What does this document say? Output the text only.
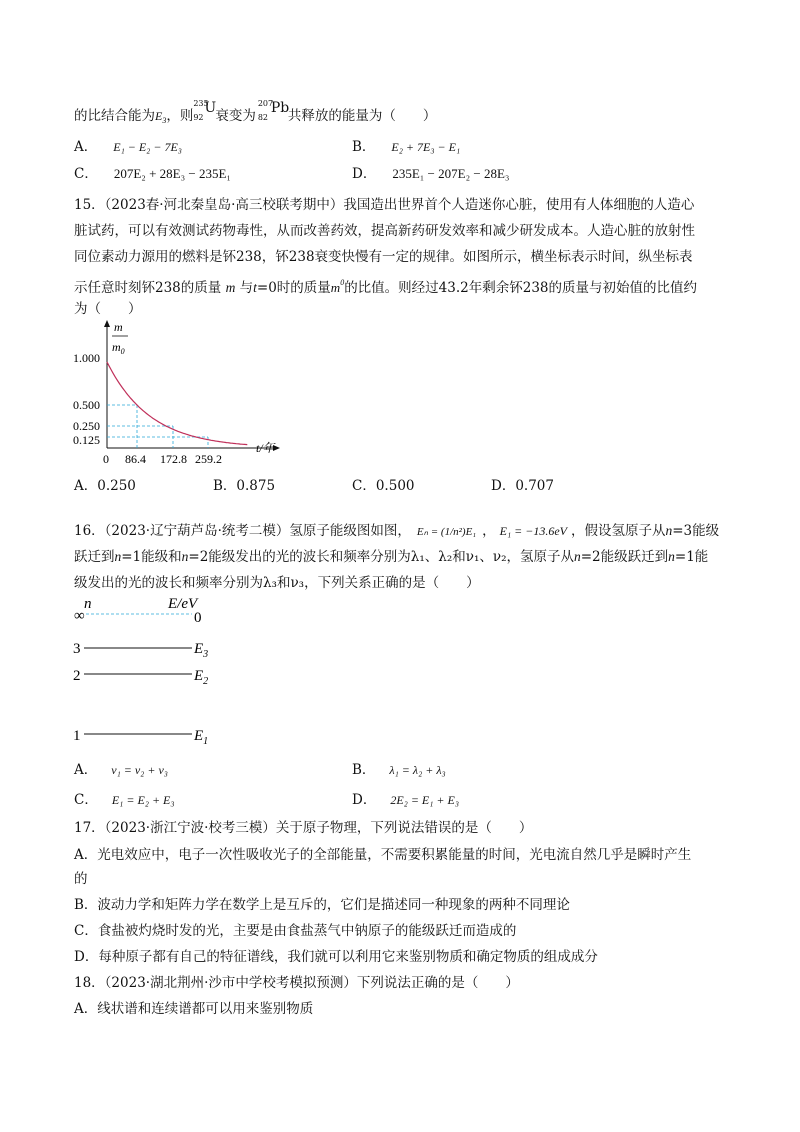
的比结合能为$E_3$，则
235
92
U 衰变为
207
82
Pb
共释放的能量为（　　）
A． E₁ − E₂ − 7E₃	B． E₂ + 7E₃ − E₁
C． 207E₂ + 28E₃ − 235E₁	D． 235E₁ − 207E₂ − 28E₃
15．（2023春·河北秦皇岛·高三校联考期中）我国造出世界首个人造迷你心脏，使用有人体细胞的人造心
脏试药，可以有效测试药物毒性，从而改善药效，提高新药研发效率和减少研发成本。人造心脏的放射性
同位素动力源用的燃料是钚238，钚238衰变快慢有一定的规律。如图所示，横坐标表示时间，纵坐标表
示任意时刻钚238的质量 m 与t=0时的质量$m^0$的比值。则经过43.2年剩余钚238的质量与初始值的比值约
为（　　）
m
$m_0$
1.000
0.500
0.250
0.125
0 86.4 172.8 259.2
t/年
A．0.250	B．0.875	C．0.500	D．0.707
16．（2023·辽宁葫芦岛·统考二模）氢原子能级图如图， Eₙ = (1/n²)E₁ ， E₁ = −13.6eV ，假设氢原子从n=3能级
跃迁到n=1能级和n=2能级发出的光的波长和频率分别为λ₁、λ₂和ν₁、ν₂，氢原子从n=2能级跃迁到n=1能
级发出的光的波长和频率分别为λ₃和ν₃，下列关系正确的是（　　）
n	E/eV
∞	0
3	$E_3$
2	$E_2$
1	$E_1$
A． ν₁ = ν₂ + ν₃	B． λ₁ = λ₂ + λ₃
C． E₁ = E₂ + E₃	D． 2E₂ = E₁ + E₃
17．（2023·浙江宁波·校考三模）关于原子物理，下列说法错误的是（　　）
A．光电效应中，电子一次性吸收光子的全部能量，不需要积累能量的时间，光电流自然几乎是瞬时产生
的
B．波动力学和矩阵力学在数学上是互斥的，它们是描述同一种现象的两种不同理论
C．食盐被灼烧时发的光，主要是由食盐蒸气中钠原子的能级跃迁而造成的
D．每种原子都有自己的特征谱线，我们就可以利用它来鉴别物质和确定物质的组成成分
18．（2023·湖北荆州·沙市中学校考模拟预测）下列说法正确的是（　　）
A．线状谱和连续谱都可以用来鉴别物质
